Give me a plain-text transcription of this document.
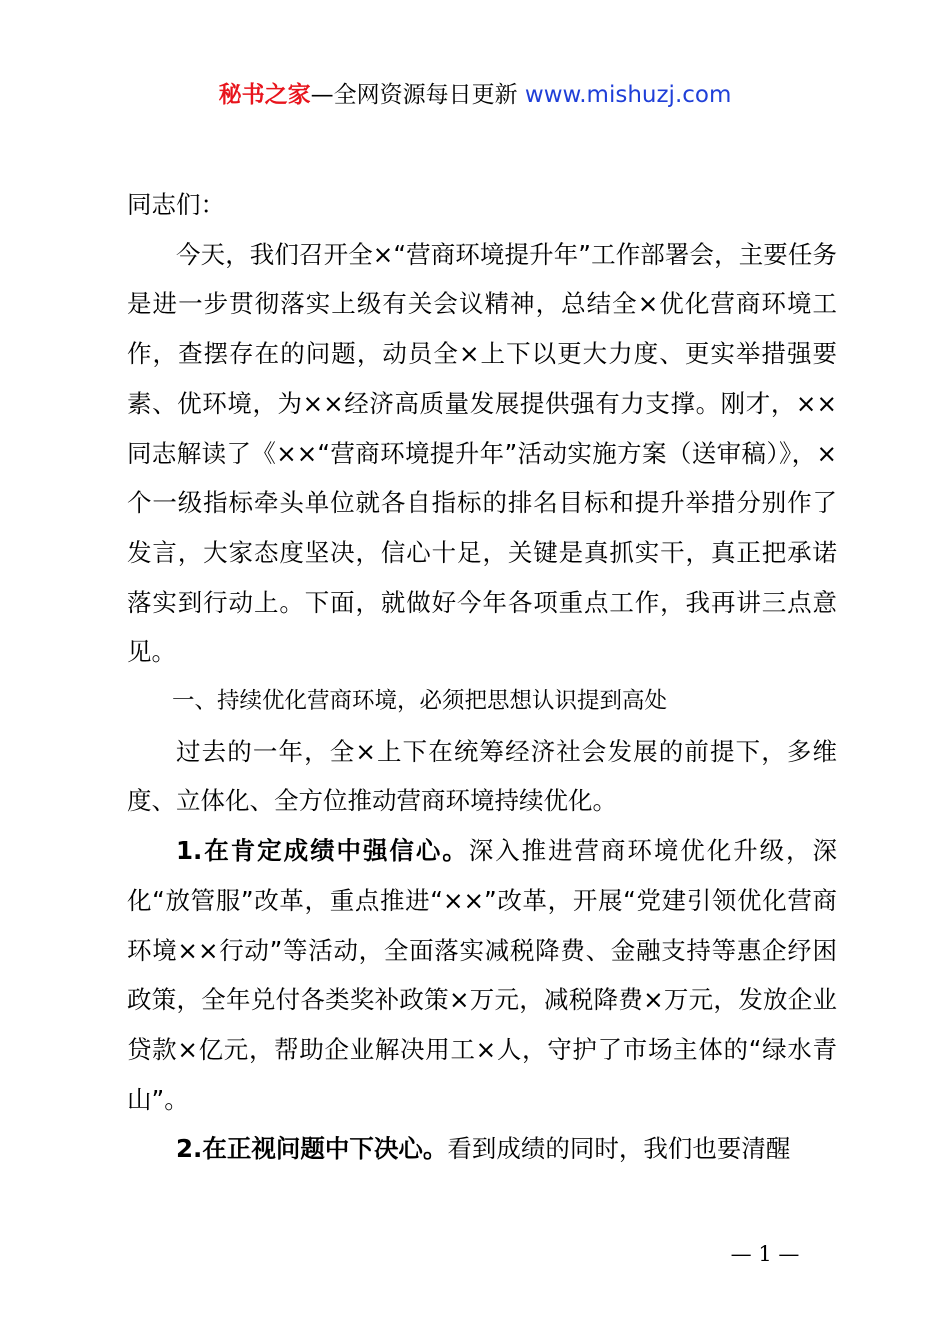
秘书之家—全网资源每日更新 www.mishuzj.com

同志们：

今天，我们召开全×“营商环境提升年”工作部署会，主要任务是进一步贯彻落实上级有关会议精神，总结全×优化营商环境工作，查摆存在的问题，动员全×上下以更大力度、更实举措强要素、优环境，为××经济高质量发展提供强有力支撑。刚才，××同志解读了《××“营商环境提升年”活动实施方案（送审稿）》，×个一级指标牵头单位就各自指标的排名目标和提升举措分别作了发言，大家态度坚决，信心十足，关键是真抓实干，真正把承诺落实到行动上。下面，就做好今年各项重点工作，我再讲三点意见。

一、持续优化营商环境，必须把思想认识提到高处

过去的一年，全×上下在统筹经济社会发展的前提下，多维度、立体化、全方位推动营商环境持续优化。

1.在肯定成绩中强信心。深入推进营商环境优化升级，深化“放管服”改革，重点推进“××”改革，开展“党建引领优化营商环境××行动”等活动，全面落实减税降费、金融支持等惠企纾困政策，全年兑付各类奖补政策×万元，减税降费×万元，发放企业贷款×亿元，帮助企业解决用工×人，守护了市场主体的“绿水青山”。

2.在正视问题中下决心。看到成绩的同时，我们也要清醒

— 1 —
